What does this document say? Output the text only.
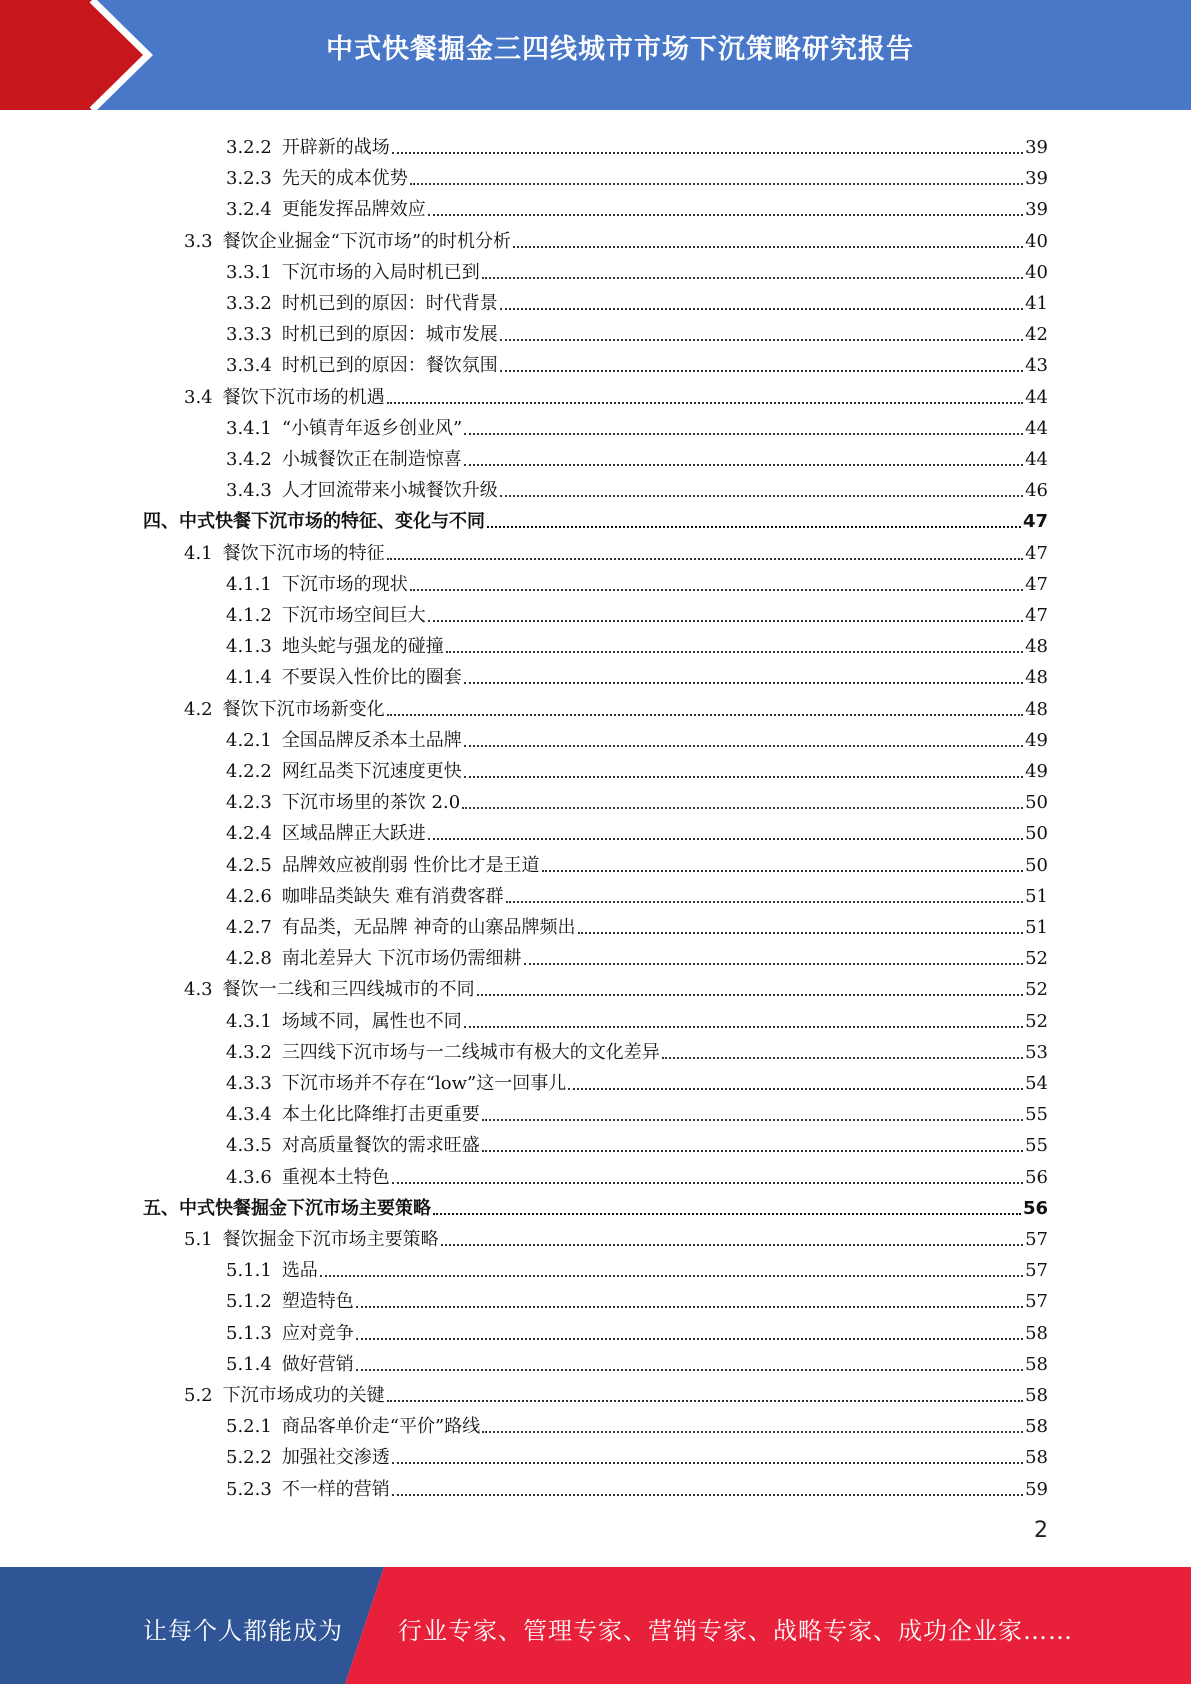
中式快餐掘金三四线城市市场下沉策略研究报告
3.2.2 开辟新的战场	39
3.2.3 先天的成本优势	39
3.2.4 更能发挥品牌效应	39
3.3 餐饮企业掘金“下沉市场”的时机分析	40
3.3.1 下沉市场的入局时机已到	40
3.3.2 时机已到的原因：时代背景	41
3.3.3 时机已到的原因：城市发展	42
3.3.4 时机已到的原因：餐饮氛围	43
3.4 餐饮下沉市场的机遇	44
3.4.1 “小镇青年返乡创业风”	44
3.4.2 小城餐饮正在制造惊喜	44
3.4.3 人才回流带来小城餐饮升级	46
四、 中式快餐下沉市场的特征、变化与不同	47
4.1 餐饮下沉市场的特征	47
4.1.1 下沉市场的现状	47
4.1.2 下沉市场空间巨大	47
4.1.3 地头蛇与强龙的碰撞	48
4.1.4 不要误入性价比的圈套	48
4.2 餐饮下沉市场新变化	48
4.2.1 全国品牌反杀本土品牌	49
4.2.2 网红品类下沉速度更快	49
4.2.3 下沉市场里的茶饮 2.0	50
4.2.4 区域品牌正大跃进	50
4.2.5 品牌效应被削弱 性价比才是王道	50
4.2.6 咖啡品类缺失 难有消费客群	51
4.2.7 有品类，无品牌 神奇的山寨品牌频出	51
4.2.8 南北差异大 下沉市场仍需细耕	52
4.3 餐饮一二线和三四线城市的不同	52
4.3.1 场域不同，属性也不同	52
4.3.2 三四线下沉市场与一二线城市有极大的文化差异	53
4.3.3 下沉市场并不存在“low”这一回事儿	54
4.3.4 本土化比降维打击更重要	55
4.3.5 对高质量餐饮的需求旺盛	55
4.3.6 重视本土特色	56
五、 中式快餐掘金下沉市场主要策略	56
5.1 餐饮掘金下沉市场主要策略	57
5.1.1 选品	57
5.1.2 塑造特色	57
5.1.3 应对竞争	58
5.1.4 做好营销	58
5.2 下沉市场成功的关键	58
5.2.1 商品客单价走“平价”路线	58
5.2.2 加强社交渗透	58
5.2.3 不一样的营销	59
2
让每个人都能成为 行业专家、管理专家、营销专家、战略专家、成功企业家……
